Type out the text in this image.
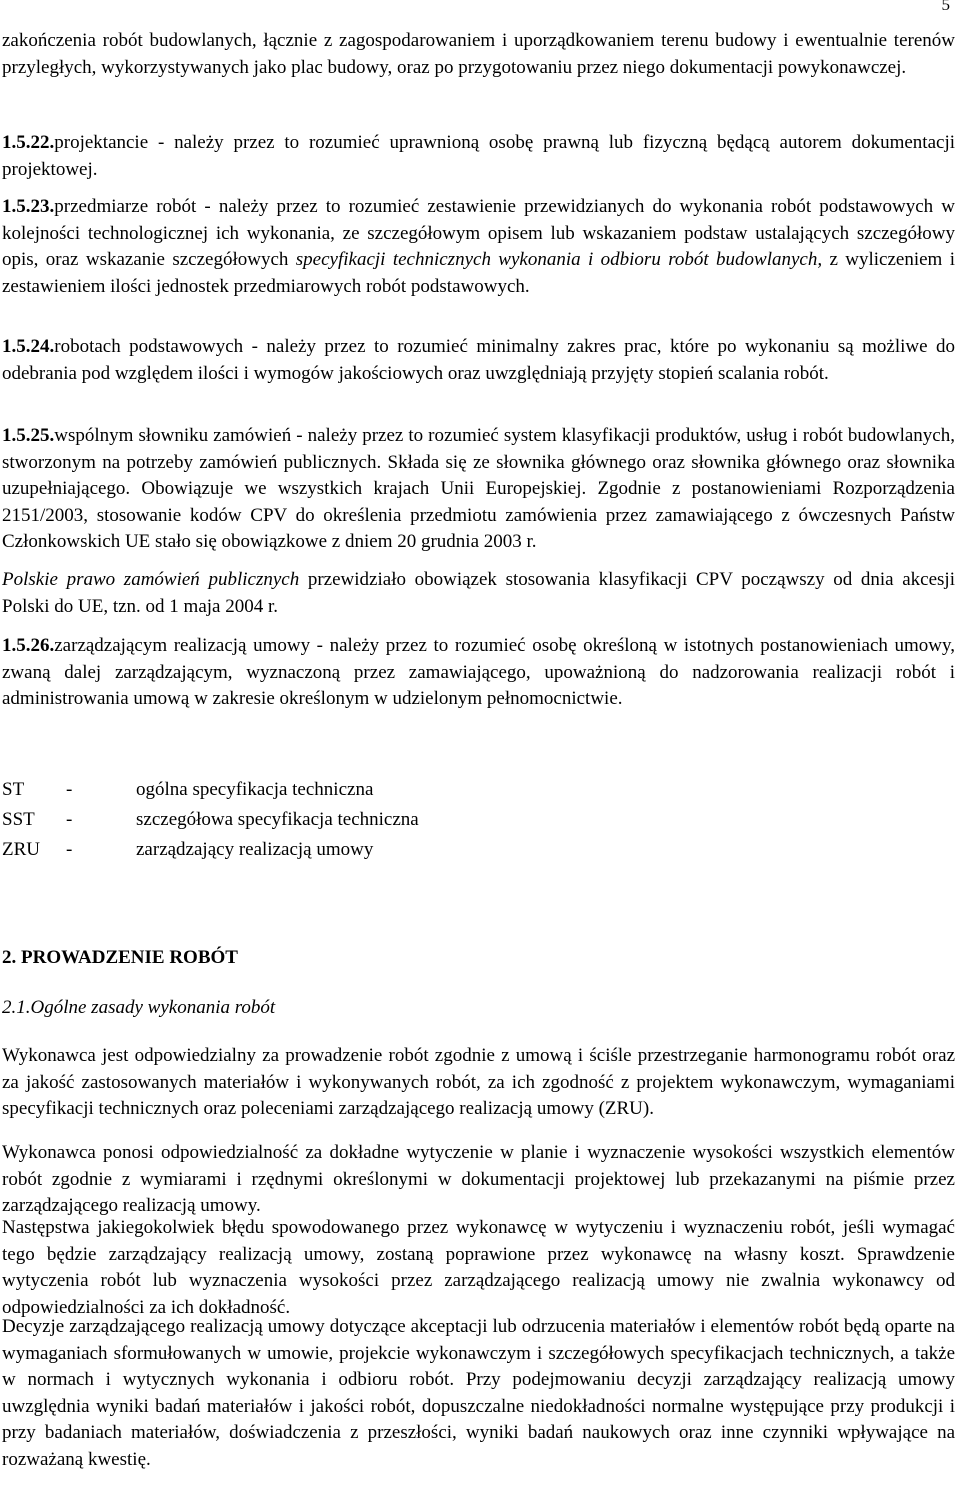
5

zakończenia robót budowlanych, łącznie z zagospodarowaniem i uporządkowaniem terenu budowy i ewentualnie terenów przyległych, wykorzystywanych jako plac budowy, oraz po przygotowaniu przez niego dokumentacji powykonawczej.

1.5.22.projektancie - należy przez to rozumieć uprawnioną osobę prawną lub fizyczną będącą autorem dokumentacji projektowej.

1.5.23.przedmiarze robót - należy przez to rozumieć zestawienie przewidzianych do wykonania robót podstawowych w kolejności technologicznej ich wykonania, ze szczegółowym opisem lub wskazaniem podstaw ustalających szczegółowy opis, oraz wskazanie szczegółowych specyfikacji technicznych wykonania i odbioru robót budowlanych, z wyliczeniem i zestawieniem ilości jednostek przedmiarowych robót podstawowych.

1.5.24.robotach podstawowych - należy przez to rozumieć minimalny zakres prac, które po wykonaniu są możliwe do odebrania pod względem ilości i wymogów jakościowych oraz uwzględniają przyjęty stopień scalania robót.

1.5.25.wspólnym słowniku zamówień - należy przez to rozumieć system klasyfikacji produktów, usług i robót budowlanych, stworzonym na potrzeby zamówień publicznych. Składa się ze słownika głównego oraz słownika głównego oraz słownika uzupełniającego. Obowiązuje we wszystkich krajach Unii Europejskiej. Zgodnie z postanowieniami Rozporządzenia 2151/2003, stosowanie kodów CPV do określenia przedmiotu zamówienia przez zamawiającego z ówczesnych Państw Członkowskich UE stało się obowiązkowe z dniem 20 grudnia 2003 r.

Polskie prawo zamówień publicznych przewidziało obowiązek stosowania klasyfikacji CPV począwszy od dnia akcesji Polski do UE, tzn. od 1 maja 2004 r.

1.5.26.zarządzającym realizacją umowy - należy przez to rozumieć osobę określoną w istotnych postanowieniach umowy, zwaną dalej zarządzającym, wyznaczoną przez zamawiającego, upoważnioną do nadzorowania realizacji robót i administrowania umową w zakresie określonym w udzielonym pełnomocnictwie.

ST -	ogólna specyfikacja techniczna
SST -	szczegółowa specyfikacja techniczna
ZRU -	zarządzający realizacją umowy
2. PROWADZENIE ROBÓT
2.1.Ogólne zasady wykonania robót

Wykonawca jest odpowiedzialny za prowadzenie robót zgodnie z umową i ściśle przestrzeganie harmonogramu robót oraz za jakość zastosowanych materiałów i wykonywanych robót, za ich zgodność z projektem wykonawczym, wymaganiami specyfikacji technicznych oraz poleceniami zarządzającego realizacją umowy (ZRU).

Wykonawca ponosi odpowiedzialność za dokładne wytyczenie w planie i wyznaczenie wysokości wszystkich elementów robót zgodnie z wymiarami i rzędnymi określonymi w dokumentacji projektowej lub przekazanymi na piśmie przez zarządzającego realizacją umowy.

Następstwa jakiegokolwiek błędu spowodowanego przez wykonawcę w wytyczeniu i wyznaczeniu robót, jeśli wymagać tego będzie zarządzający realizacją umowy, zostaną poprawione przez wykonawcę na własny koszt. Sprawdzenie wytyczenia robót lub wyznaczenia wysokości przez zarządzającego realizacją umowy nie zwalnia wykonawcy od odpowiedzialności za ich dokładność.

Decyzje zarządzającego realizacją umowy dotyczące akceptacji lub odrzucenia materiałów i elementów robót będą oparte na wymaganiach sformułowanych w umowie, projekcie wykonawczym i szczegółowych specyfikacjach technicznych, a także w normach i wytycznych wykonania i odbioru robót. Przy podejmowaniu decyzji zarządzający realizacją umowy uwzględnia wyniki badań materiałów i jakości robót, dopuszczalne niedokładności normalne występujące przy produkcji i przy badaniach materiałów, doświadczenia z przeszłości, wyniki badań naukowych oraz inne czynniki wpływające na rozważaną kwestię.
